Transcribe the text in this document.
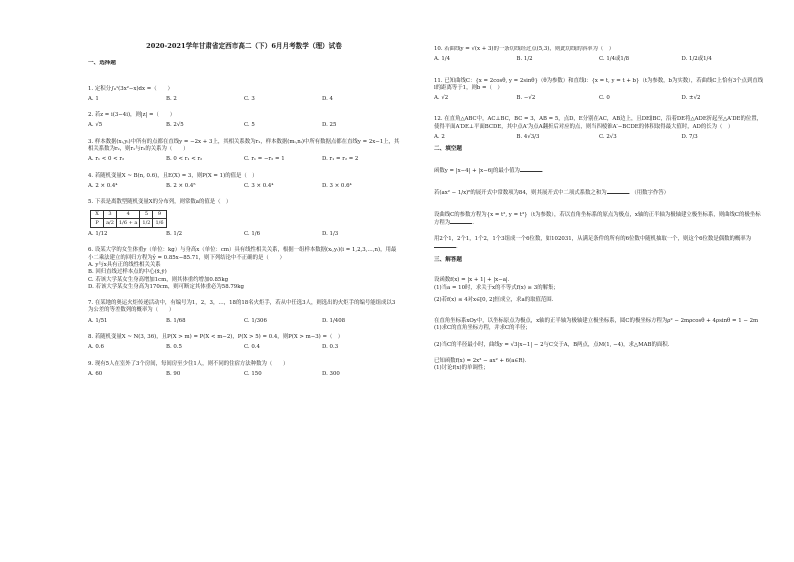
2020-2021学年甘肃省定西市高二（下）6月月考数学（理）试卷
一、选择题

1. 定积分∫₀¹(3x²−x)dx =（　　）

A. 1	B. 2	C. 3	D. 4

2. 若z = i(3−4i)，则|z| =（　　）

A. √5	B. 2√5	C. 5	D. 25

3. 样本数据(xᵢ,yᵢ)中所有的点都在直线y = −2x + 3上，其相关系数为r₁，样本数据(mᵢ,nᵢ)中所有数据点都在直线y = 2x−1上，其相关系数为r₂，则r₁与r₂的关系为（　　）

A. r₁ < 0 < r₂	B. 0 < r₁ < r₂	C. r₁ = −r₂ = 1	D. r₁ = r₂ = 2

4. 若随机变量X ~ B(n, 0.6)，且E(X) = 3，则P(X = 1)的值是（　）

A. 2 × 0.4⁴	B. 2 × 0.4⁵	C. 3 × 0.4⁴	D. 3 × 0.6⁴

5. 下表是离散型随机变量X的分布列，则常数a的值是（　）

X	3	4	5	9
P	a/2	1/6 + a	1/2	1/6
A. 1/12	B. 1/2	C. 1/6	D. 1/3

6. 设某大学的女生体重y（单位：kg）与身高x（单位：cm）具有线性相关关系，根据一组样本数据(xᵢ,yᵢ)(i = 1,2,3,…,n)，用最小二乘法建立的回归方程为ŷ = 0.85x−85.71，则下列结论中不正确的是（　　）

A. y与x具有正的线性相关关系

B. 回归直线过样本点的中心(x̄,ȳ)

C. 若该大学某女生身高增加1cm，则其体重约增加0.85kg

D. 若该大学某女生身高为170cm，则可断定其体重必为58.79kg

7. 在某地的奥运火炬传递活动中，有编号为1，2，3，…，18的18名火炬手，若从中任选3人，则选出的火炬手的编号能组成以3为公差的等差数列的概率为（　　）

A. 1/51	B. 1/68	C. 1/306	D. 1/408

8. 若随机变量X ~ N(3, 36)，且P(X > m) = P(X < m−2)，P(X > 5) = 0.4，则P(X > m−3) =（　）

A. 0.6	B. 0.5	C. 0.4	D. 0.3

9. 现有5人在室外了3个房间，每间房至少住1人，则不同的住宿方法种数为（　　）

A. 60	B. 90	C. 150	D. 300

10. 若曲线y = √(x + 3)的一条切线经过点(5,3)，则此切线的斜率为（　）

A. 1/4	B. 1/2	C. 1/4或1/8	D. 1/2或1/4

11. 已知曲线C：{x = 2cosθ, y = 2sinθ}（θ为参数）和直线l：{x = t, y = t + b}（t为参数，b为实数），若曲线C上恰有3个点到直线l的距离等于1，则b =（　）

A. √2	B. −√2	C. 0	D. ±√2

12. 在直角△ABC中，AC⊥BC，BC = 3，AB = 5，点D，E分别在AC，AB边上，且DE∥BC，沿着DE将△ADE折起至△A′DE的位置，使得平面A′DE⊥平面BCDE，其中点A′为点A翻折后对应的点，则当四棱锥A′−BCDE的体积取得最大值时，AD的长为（　）

A. 2	B. 4√3/3	C. 2√3	D. 7/3
二、填空题

函数y = |x−4| + |x−6|的最小值为	．

若(ax² − 1/x)⁶的展开式中常数项为84，则其展开式中二项式系数之和为	．（用数字作答）

设曲线C的参数方程为{x = t², y = t³}（t为参数），若以直角坐标系的原点为极点，x轴的正半轴为极轴建立极坐标系，则曲线C的极坐标方程为	．

用2个1，2个1，1个2，1个3组成一个6位数，如102031，从满足条件的所有的6位数中随机抽取一个，则这个6位数是偶数的概率为．

三、解答题

设函数f(x) = |x + 1| + |x−a|．

(1)当a = 10时，求关于x的不等式f(x) ≥ 3的解集；

(2)若f(x) ≤ 4对x∈[0, 2]恒成立，求a的取值范围．

在直角坐标系xOy中，以坐标原点为极点，x轴的正半轴为极轴建立极坐标系，圆C的极坐标方程为ρ² − 2mρcosθ + 4ρsinθ = 1 − 2m

(1)求C的直角坐标方程，并求C的半径；

(2)当C的半径最小时，曲线y = √3|x−1| − 2与C交于A，B两点，点M(1, −4)，求△MAB的面积．

已知函数f(x) = 2x³ − ax² + 6(a∈R)．

(1)讨论f(x)的单调性；
